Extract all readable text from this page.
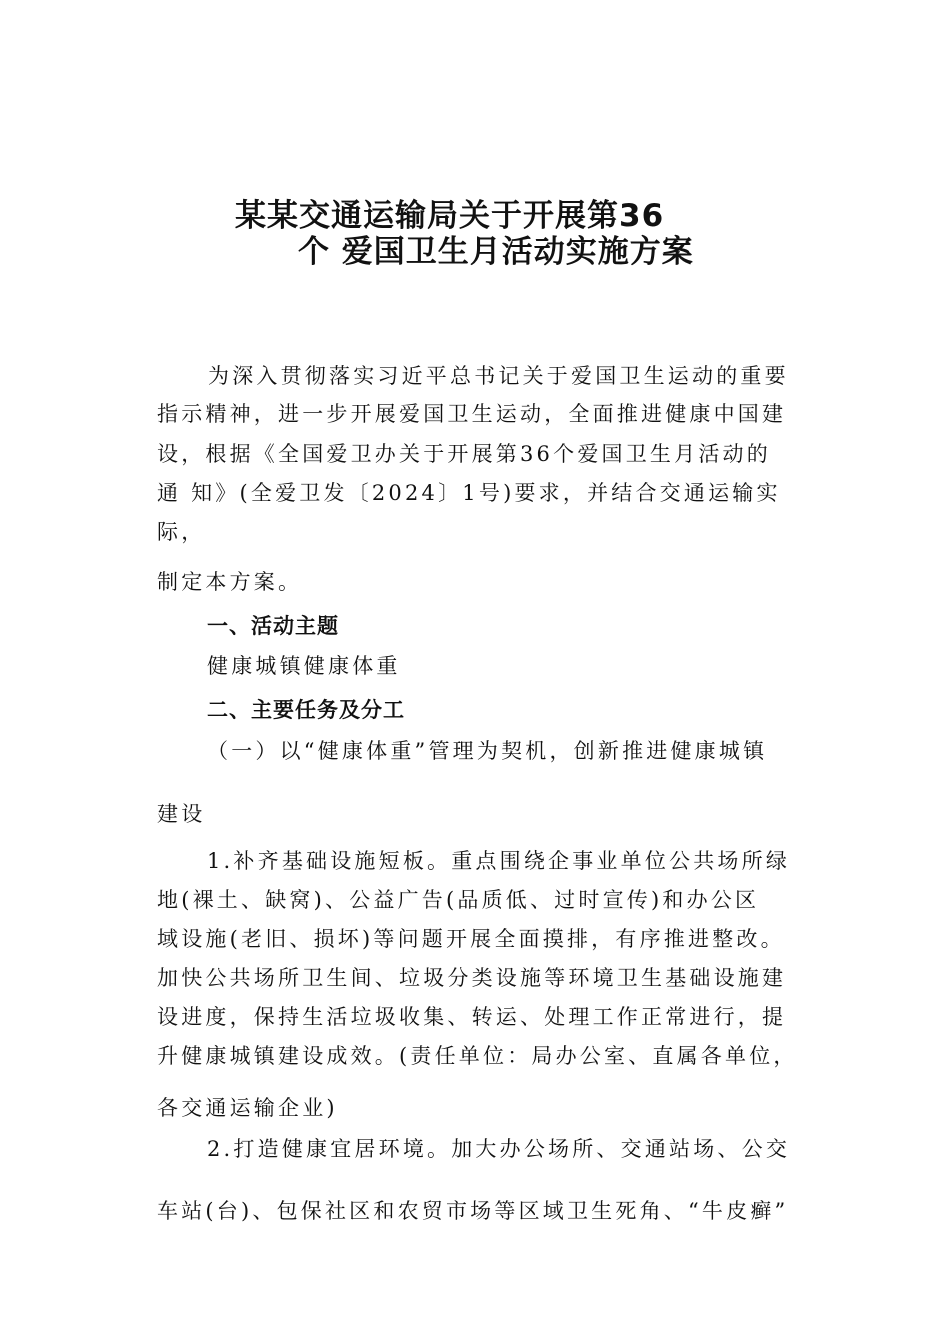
某某交通运输局关于开展第36
个 爱国卫生月活动实施方案
为深入贯彻落实习近平总书记关于爱国卫生运动的重要
指示精神，进一步开展爱国卫生运动，全面推进健康中国建
设，根据《全国爱卫办关于开展第36个爱国卫生月活动的
通 知》(全爱卫发〔2024〕1号)要求，并结合交通运输实
际，
制定本方案。
一、活动主题
健康城镇健康体重
二、主要任务及分工
（一）以“健康体重”管理为契机，创新推进健康城镇
建设
1.补齐基础设施短板。重点围绕企事业单位公共场所绿
地(裸土、缺窝)、公益广告(品质低、过时宣传)和办公区
域设施(老旧、损坏)等问题开展全面摸排，有序推进整改。
加快公共场所卫生间、垃圾分类设施等环境卫生基础设施建
设进度，保持生活垃圾收集、转运、处理工作正常进行，提
升健康城镇建设成效。(责任单位：局办公室、直属各单位，
各交通运输企业)
2.打造健康宜居环境。加大办公场所、交通站场、公交
车站(台)、包保社区和农贸市场等区域卫生死角、“牛皮癣”
